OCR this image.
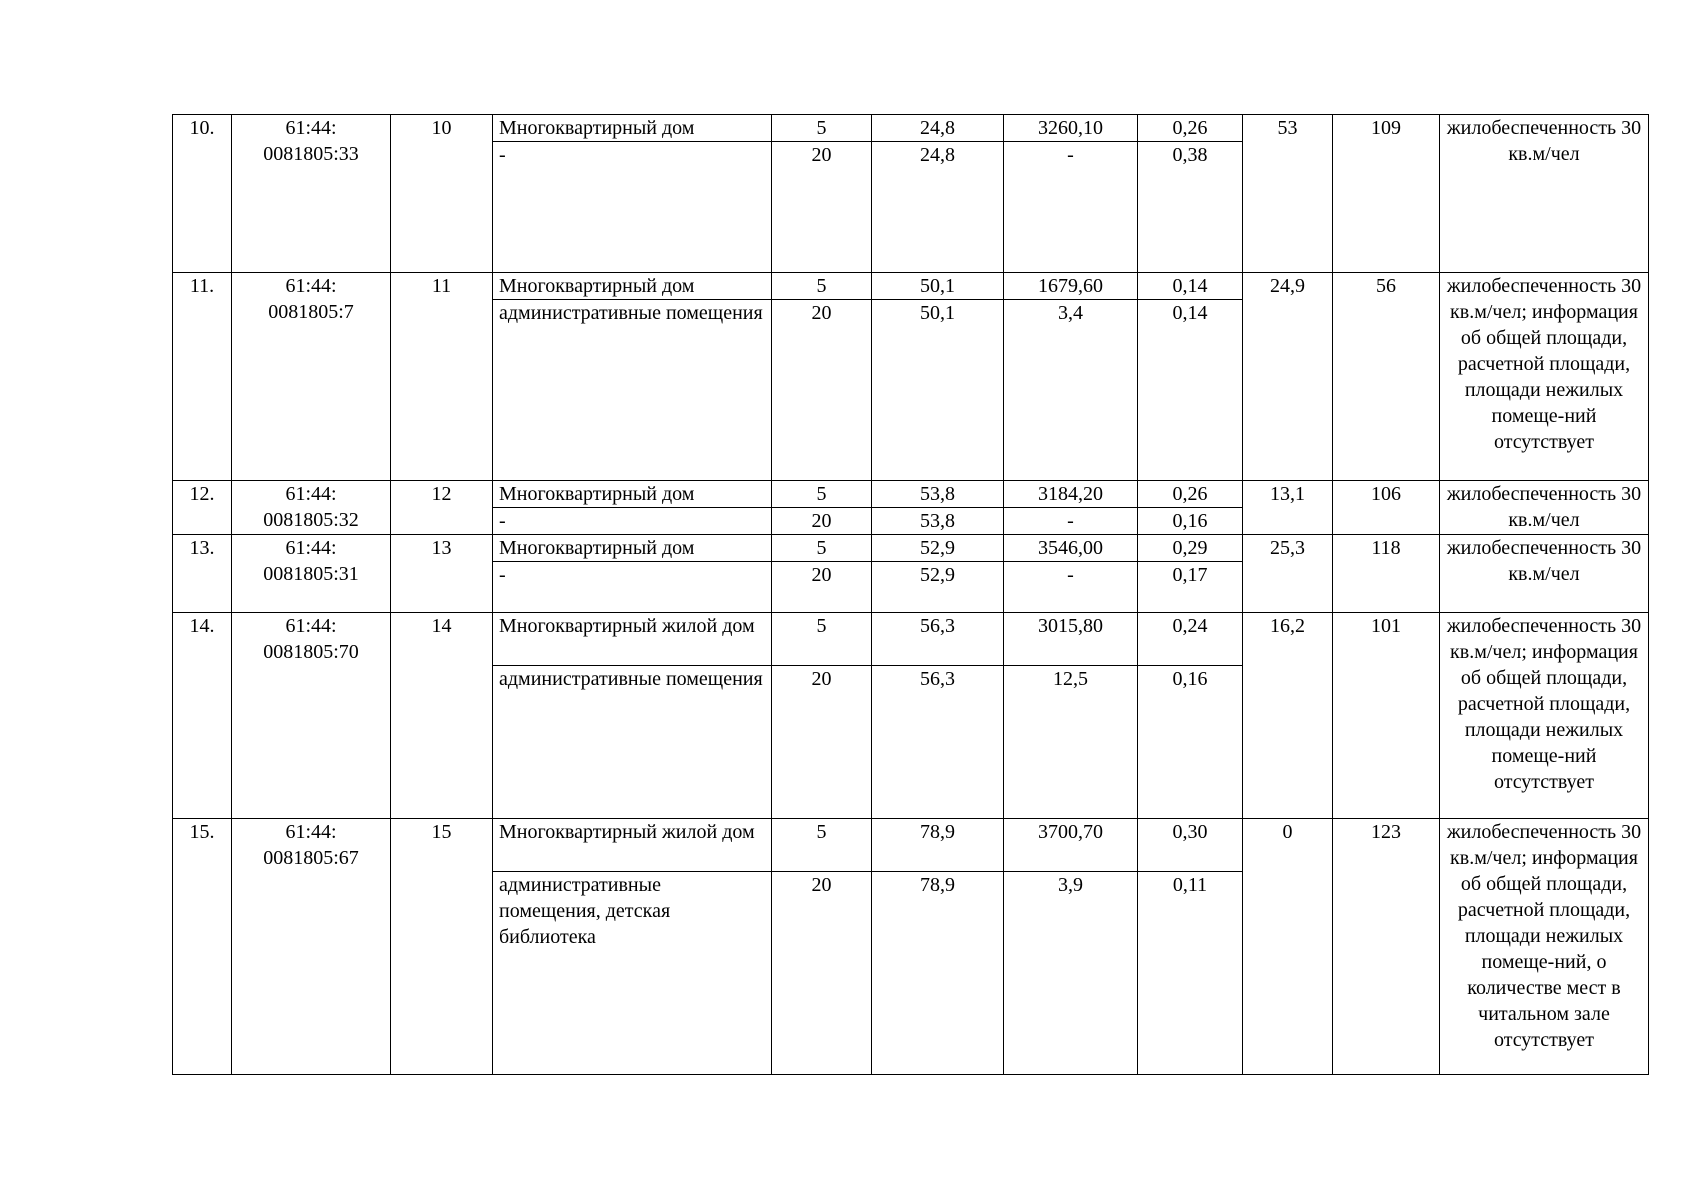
10.	61:44:
0081805:33	10	Многоквартирный дом	5	24,8	3260,10	0,26	53	109	жилобеспеченность 30 кв.м/чел
			-	20	24,8	-	0,38			
11.	61:44:
0081805:7	11	Многоквартирный дом	5	50,1	1679,60	0,14	24,9	56	жилобеспеченность 30 кв.м/чел; информация об общей площади, расчетной площади, площади нежилых помеще-ний отсутствует
			административные помещения	20	50,1	3,4	0,14			
12.	61:44:
0081805:32	12	Многоквартирный дом	5	53,8	3184,20	0,26	13,1	106	жилобеспеченность 30 кв.м/чел
			-	20	53,8	-	0,16			
13.	61:44:
0081805:31	13	Многоквартирный дом	5	52,9	3546,00	0,29	25,3	118	жилобеспеченность 30 кв.м/чел
			-	20	52,9	-	0,17			
14.	61:44:
0081805:70	14	Многоквартирный жилой дом	5	56,3	3015,80	0,24	16,2	101	жилобеспеченность 30 кв.м/чел; информация об общей площади, расчетной площади, площади нежилых помеще-ний отсутствует
			административные помещения	20	56,3	12,5	0,16			
15.	61:44:
0081805:67	15	Многоквартирный жилой дом	5	78,9	3700,70	0,30	0	123	жилобеспеченность 30 кв.м/чел; информация об общей площади, расчетной площади, площади нежилых помеще-ний, о количестве мест в читальном зале отсутствует
			административные помещения, детская библиотека	20	78,9	3,9	0,11			
